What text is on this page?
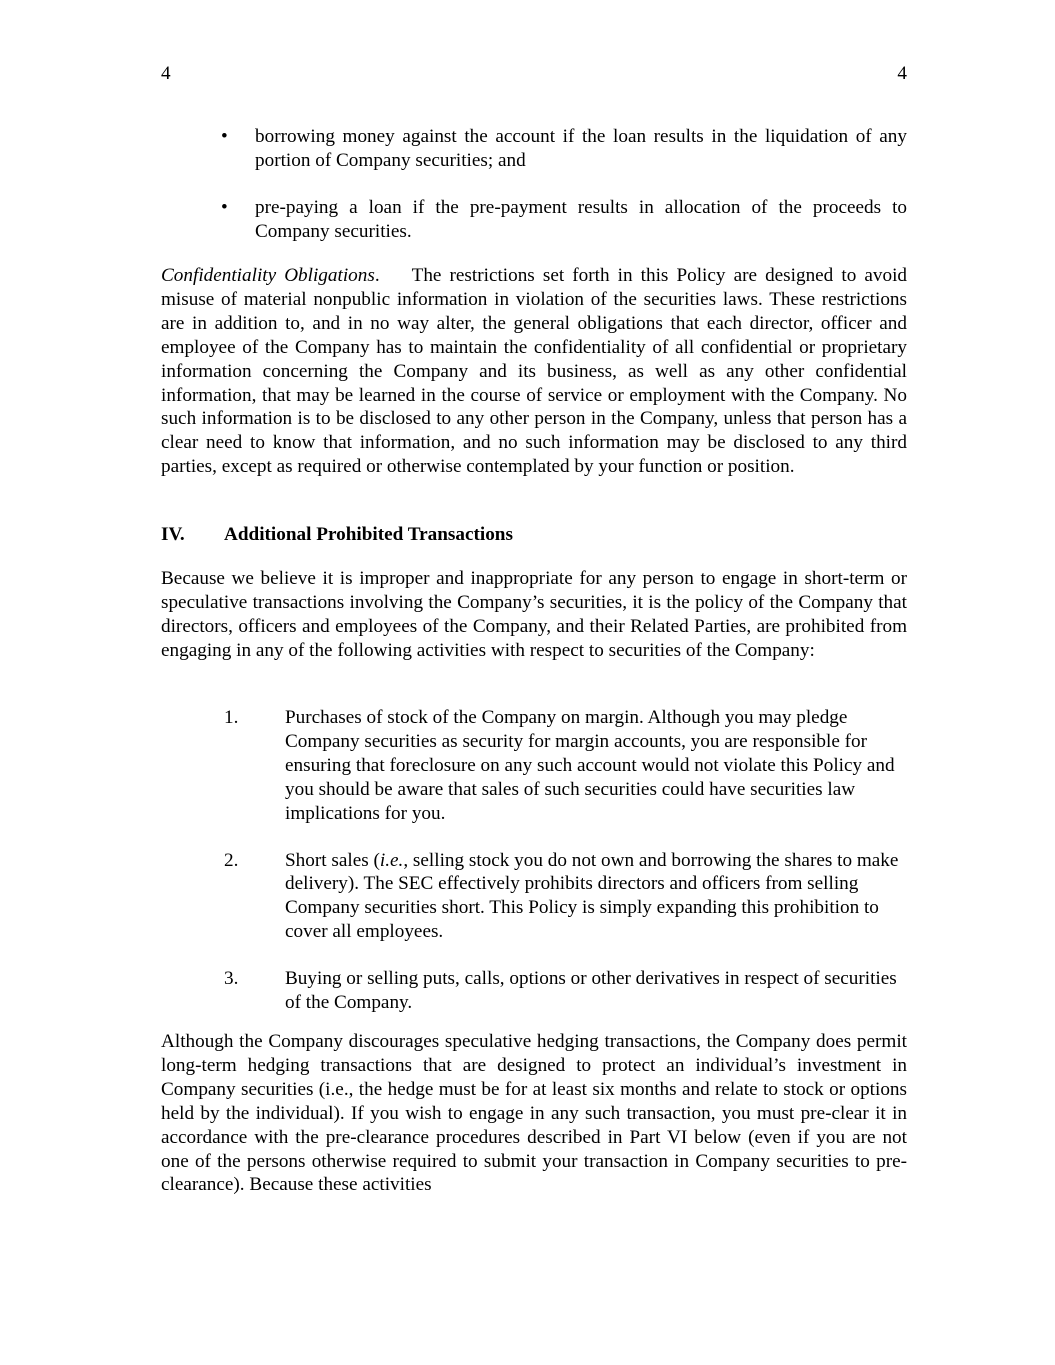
4	4
•	borrowing money against the account if the loan results in the liquidation of any portion of Company securities; and
•	pre-paying a loan if the pre-payment results in allocation of the proceeds to Company securities.
Confidentiality Obligations. The restrictions set forth in this Policy are designed to avoid misuse of material nonpublic information in violation of the securities laws. These restrictions are in addition to, and in no way alter, the general obligations that each director, officer and employee of the Company has to maintain the confidentiality of all confidential or proprietary information concerning the Company and its business, as well as any other confidential information, that may be learned in the course of service or employment with the Company. No such information is to be disclosed to any other person in the Company, unless that person has a clear need to know that information, and no such information may be disclosed to any third parties, except as required or otherwise contemplated by your function or position.
IV. Additional Prohibited Transactions
Because we believe it is improper and inappropriate for any person to engage in short-term or speculative transactions involving the Company’s securities, it is the policy of the Company that directors, officers and employees of the Company, and their Related Parties, are prohibited from engaging in any of the following activities with respect to securities of the Company:
1. Purchases of stock of the Company on margin. Although you may pledge Company securities as security for margin accounts, you are responsible for ensuring that foreclosure on any such account would not violate this Policy and you should be aware that sales of such securities could have securities law implications for you.
2. Short sales (i.e., selling stock you do not own and borrowing the shares to make delivery). The SEC effectively prohibits directors and officers from selling Company securities short. This Policy is simply expanding this prohibition to cover all employees.
3. Buying or selling puts, calls, options or other derivatives in respect of securities of the Company.
Although the Company discourages speculative hedging transactions, the Company does permit long-term hedging transactions that are designed to protect an individual’s investment in Company securities (i.e., the hedge must be for at least six months and relate to stock or options held by the individual). If you wish to engage in any such transaction, you must pre-clear it in accordance with the pre-clearance procedures described in Part VI below (even if you are not one of the persons otherwise required to submit your transaction in Company securities to pre-clearance). Because these activities
